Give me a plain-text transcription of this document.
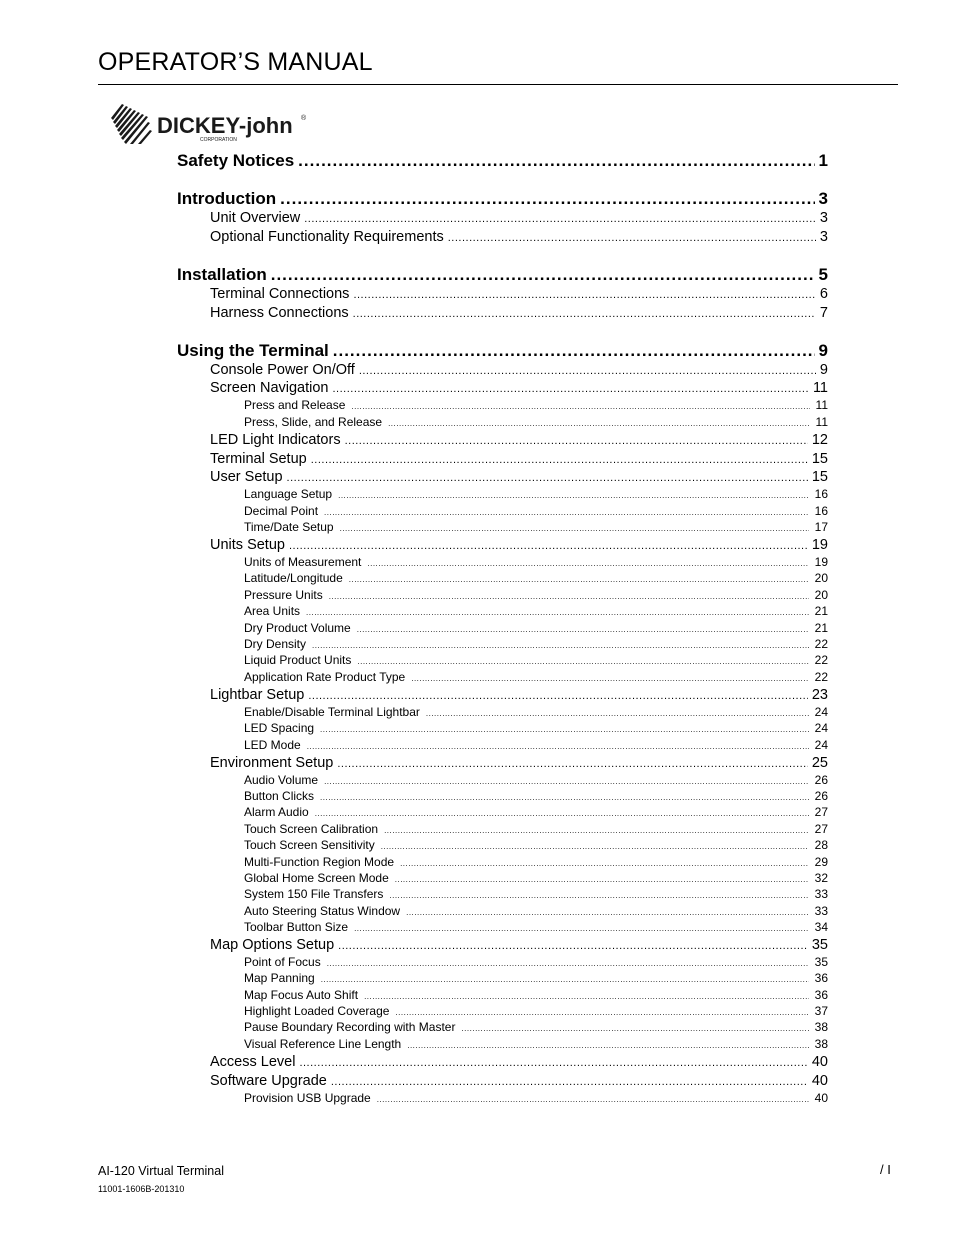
OPERATOR’S MANUAL
DICKEY-john ®
CORPORATION
Safety Notices .....	1
Introduction .....	3
Unit Overview .....	3
Optional Functionality Requirements .....	3
Installation .....	5
Terminal Connections .....	6
Harness Connections .....	7
Using the Terminal .....	9
Console Power On/Off .....	9
Screen Navigation .....	11
Press and Release .....	11
Press, Slide, and Release .....	11
LED Light Indicators .....	12
Terminal Setup .....	15
User Setup .....	15
Language Setup .....	16
Decimal Point .....	16
Time/Date Setup .....	17
Units Setup .....	19
Units of Measurement .....	19
Latitude/Longitude .....	20
Pressure Units .....	20
Area Units .....	21
Dry Product Volume .....	21
Dry Density .....	22
Liquid Product Units .....	22
Application Rate Product Type .....	22
Lightbar Setup .....	23
Enable/Disable Terminal Lightbar .....	24
LED Spacing .....	24
LED Mode .....	24
Environment Setup .....	25
Audio Volume .....	26
Button Clicks .....	26
Alarm Audio .....	27
Touch Screen Calibration .....	27
Touch Screen Sensitivity .....	28
Multi-Function Region Mode .....	29
Global Home Screen Mode .....	32
System 150 File Transfers .....	33
Auto Steering Status Window .....	33
Toolbar Button Size .....	34
Map Options Setup .....	35
Point of Focus .....	35
Map Panning .....	36
Map Focus Auto Shift .....	36
Highlight Loaded Coverage .....	37
Pause Boundary Recording with Master .....	38
Visual Reference Line Length .....	38
Access Level .....	40
Software Upgrade .....	40
Provision USB Upgrade .....	40
AI-120 Virtual Terminal
11001-1606B-201310
/ I
